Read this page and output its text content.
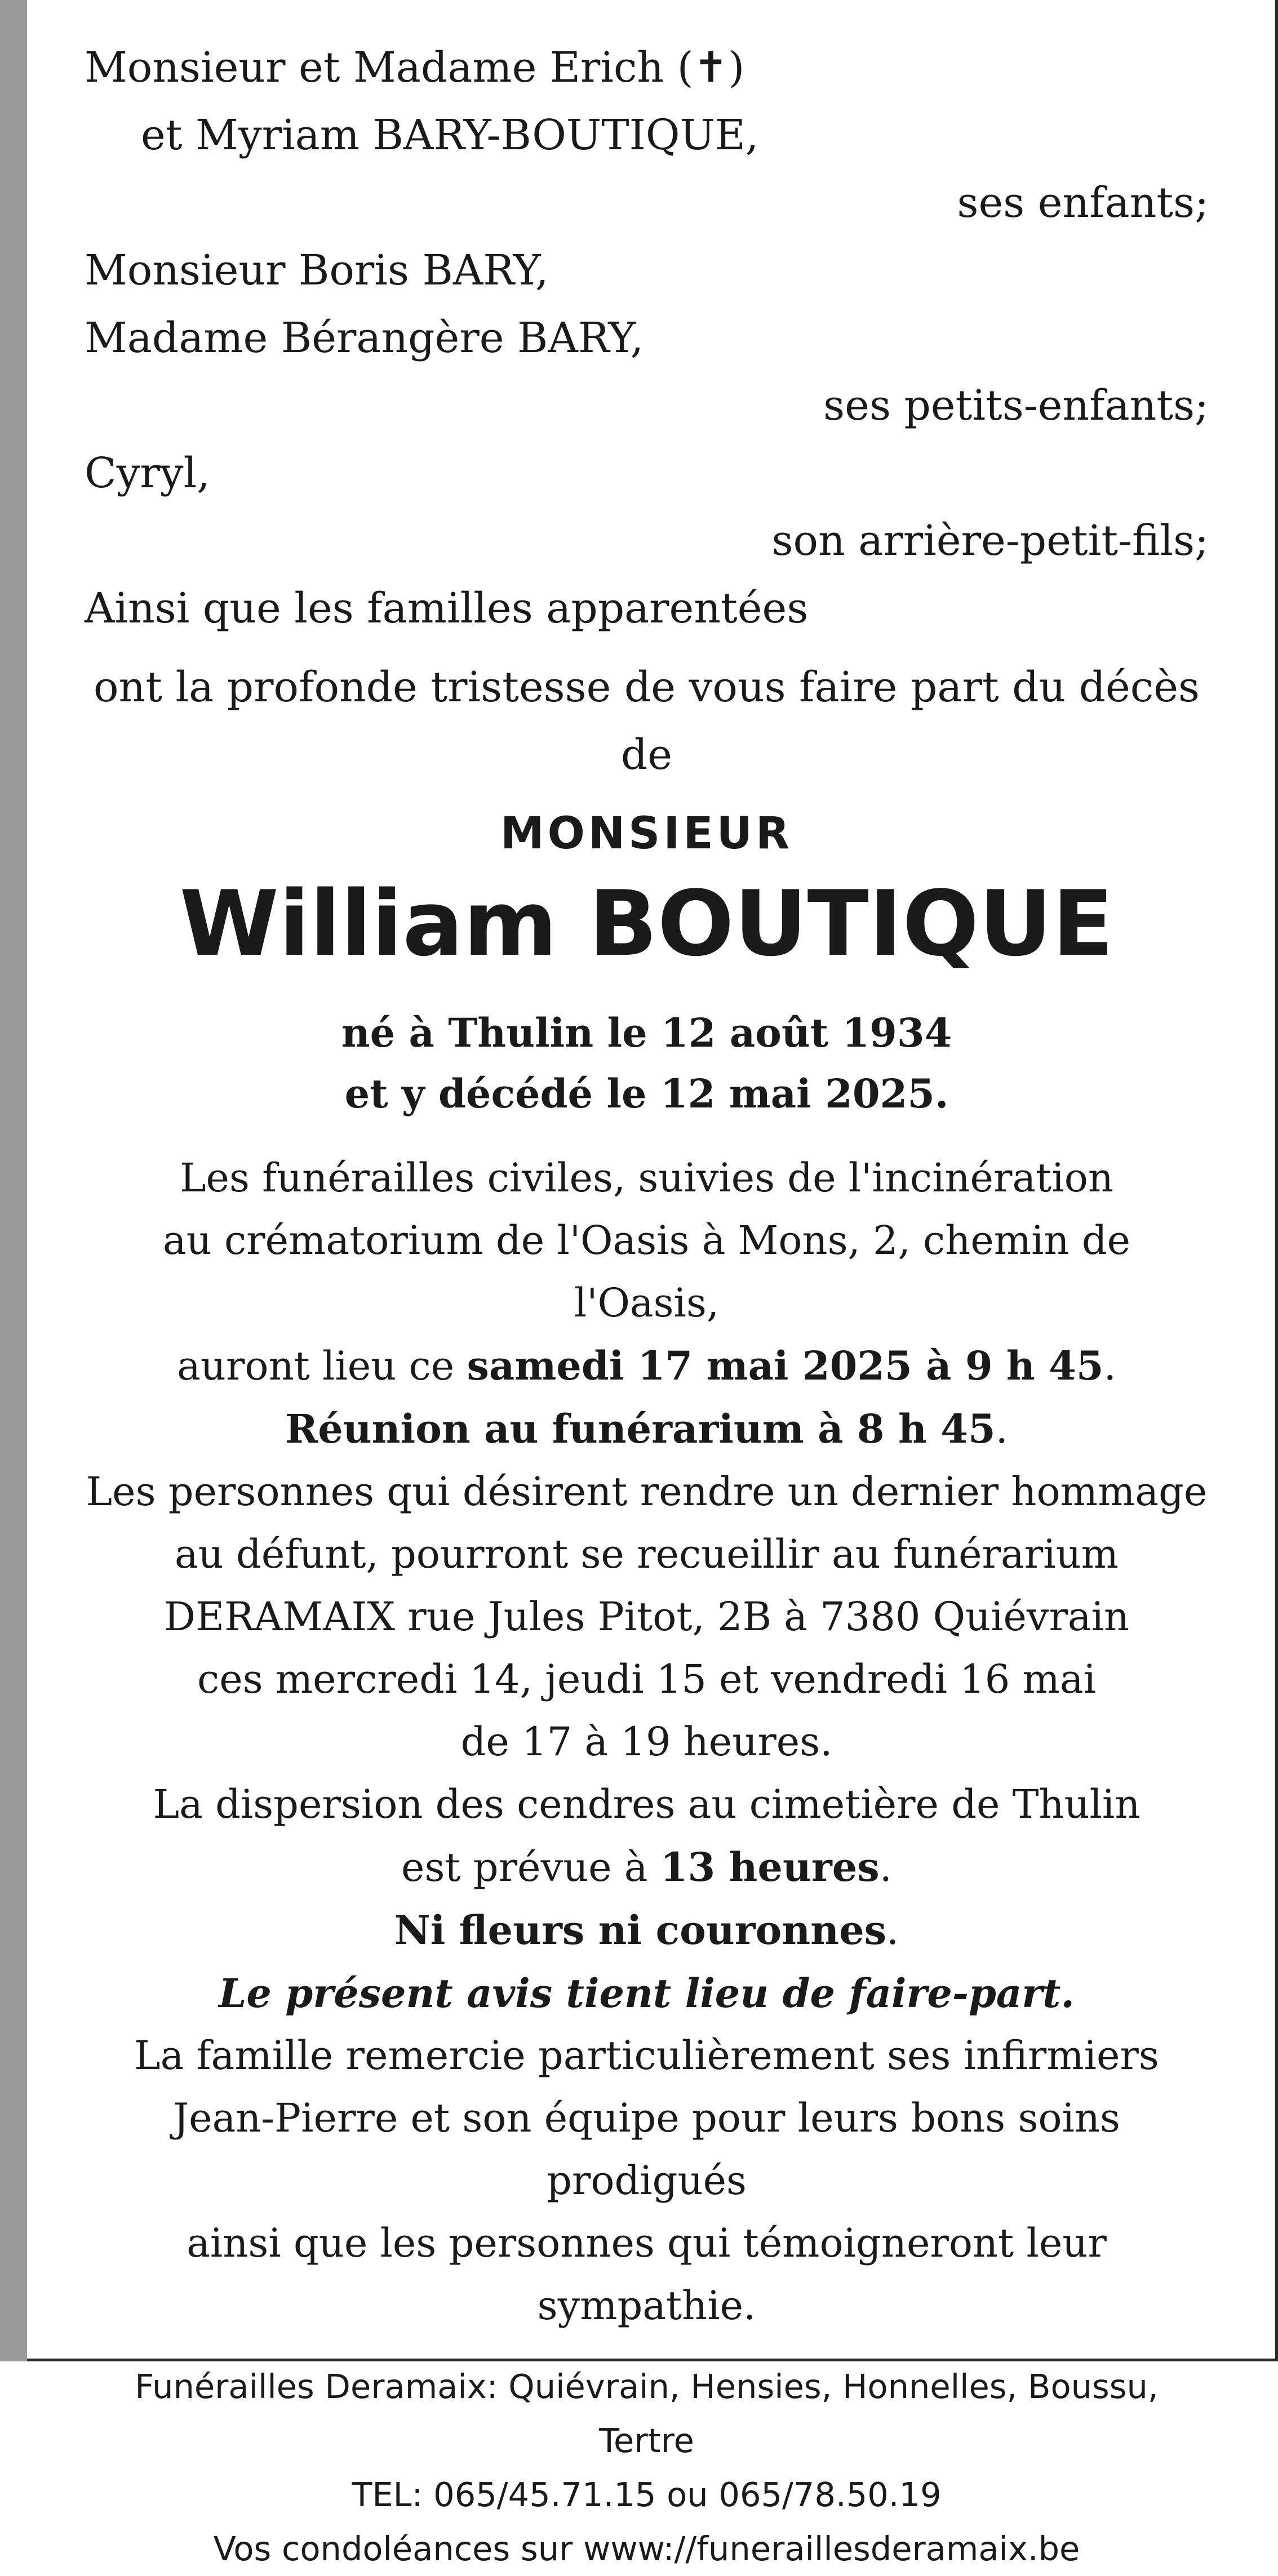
Monsieur et Madame Erich (✝)
et Myriam BARY-BOUTIQUE,
ses enfants;
Monsieur Boris BARY,
Madame Bérangère BARY,
ses petits-enfants;
Cyryl,
son arrière-petit-fils;
Ainsi que les familles apparentées
ont la profonde tristesse de vous faire part du décès de
MONSIEUR
William BOUTIQUE
né à Thulin le 12 août 1934
et y décédé le 12 mai 2025.
Les funérailles civiles, suivies de l'incinération
au crématorium de l'Oasis à Mons, 2, chemin de l'Oasis,
auront lieu ce samedi 17 mai 2025 à 9 h 45.
Réunion au funérarium à 8 h 45.
Les personnes qui désirent rendre un dernier hommage
au défunt, pourront se recueillir au funérarium
DERAMAIX rue Jules Pitot, 2B à 7380 Quiévrain
ces mercredi 14, jeudi 15 et vendredi 16 mai
de 17 à 19 heures.
La dispersion des cendres au cimetière de Thulin
est prévue à 13 heures.
Ni fleurs ni couronnes.
Le présent avis tient lieu de faire-part.
La famille remercie particulièrement ses infirmiers
Jean-Pierre et son équipe pour leurs bons soins prodigués
ainsi que les personnes qui témoigneront leur sympathie.
Funérailles Deramaix: Quiévrain, Hensies, Honnelles, Boussu, Tertre
TEL: 065/45.71.15 ou 065/78.50.19
Vos condoléances sur www://funeraillesderamaix.be
